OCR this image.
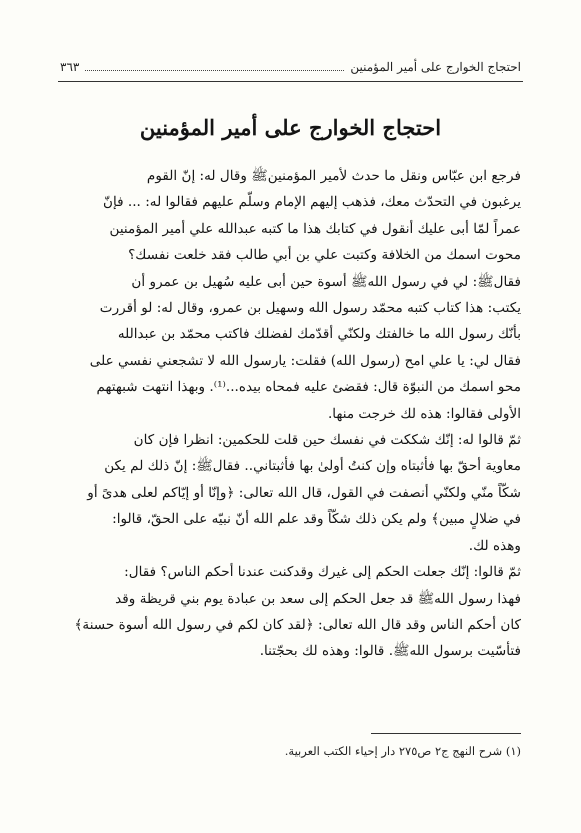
احتجاج الخوارج على أمير المؤمنين
٣٦٣
احتجاج الخوارج على أمير المؤمنين
فرجع ابن عبّاس ونقل ما حدث لأمير المؤمنينﷺ وقال له: إنّ القوم
يرغبون في التحدّث معك، فذهب إليهم الإمام وسلّم عليهم فقالوا له: ... فإنّ
عمراً لمّا أبى عليك أنقول في كتابك هذا ما كتبه عبدالله علي أمير المؤمنين
محوت اسمك من الخلافة وكتبت علي بن أبي طالب فقد خلعت نفسك؟
فقالﷺ: لي في رسول اللهﷺ أسوة حين أبى عليه سُهيل بن عمرو أن
يكتب: هذا كتاب كتبه محمّد رسول الله وسهيل بن عمرو، وقال له: لو أقررت
بأنّك رسول الله ما خالفتك ولكنّي أقدّمك لفضلك فاكتب محمّد بن عبدالله
فقال لي: يا علي امح (رسول الله) فقلت: يارسول الله لا تشجعني نفسي على
محو اسمك من النبوّة قال: فقضئ عليه فمحاه بيده...⁽¹⁾. وبهذا انتهت شبهتهم
الأولى فقالوا: هذه لك خرجت منها.
ثمّ قالوا له: إنّك شككت في نفسك حين قلت للحكمين: انظرا فإن كان
معاوية أحقّ بها فأثبتاه وإن كنتُ أولىٰ بها فأثبتاني.. فقالﷺ: إنّ ذلك لم يكن
شكّاً منّي ولكنّي أنصفت في القول، قال الله تعالى: ﴿وإنّا أو إيّاكم لعلى هدىً أو
في ضلالٍ مبين﴾ ولم يكن ذلك شكّاً وقد علم الله أنّ نبيّه على الحقّ، قالوا:
وهذه لك.
ثمّ قالوا: إنّك جعلت الحكم إلى غيرك وقدكنت عندنا أحكم الناس؟ فقال:
فهذا رسول اللهﷺ قد جعل الحكم إلى سعد بن عبادة يوم بني قريظة وقد
كان أحكم الناس وقد قال الله تعالى: ﴿لقد كان لكم في رسول الله أسوة حسنة﴾
فتأسّيت برسول اللهﷺ. قالوا: وهذه لك بحجّتنا.
(١) شرح النهج ج٢ ص٢٧٥ دار إحياء الكتب العربية.
